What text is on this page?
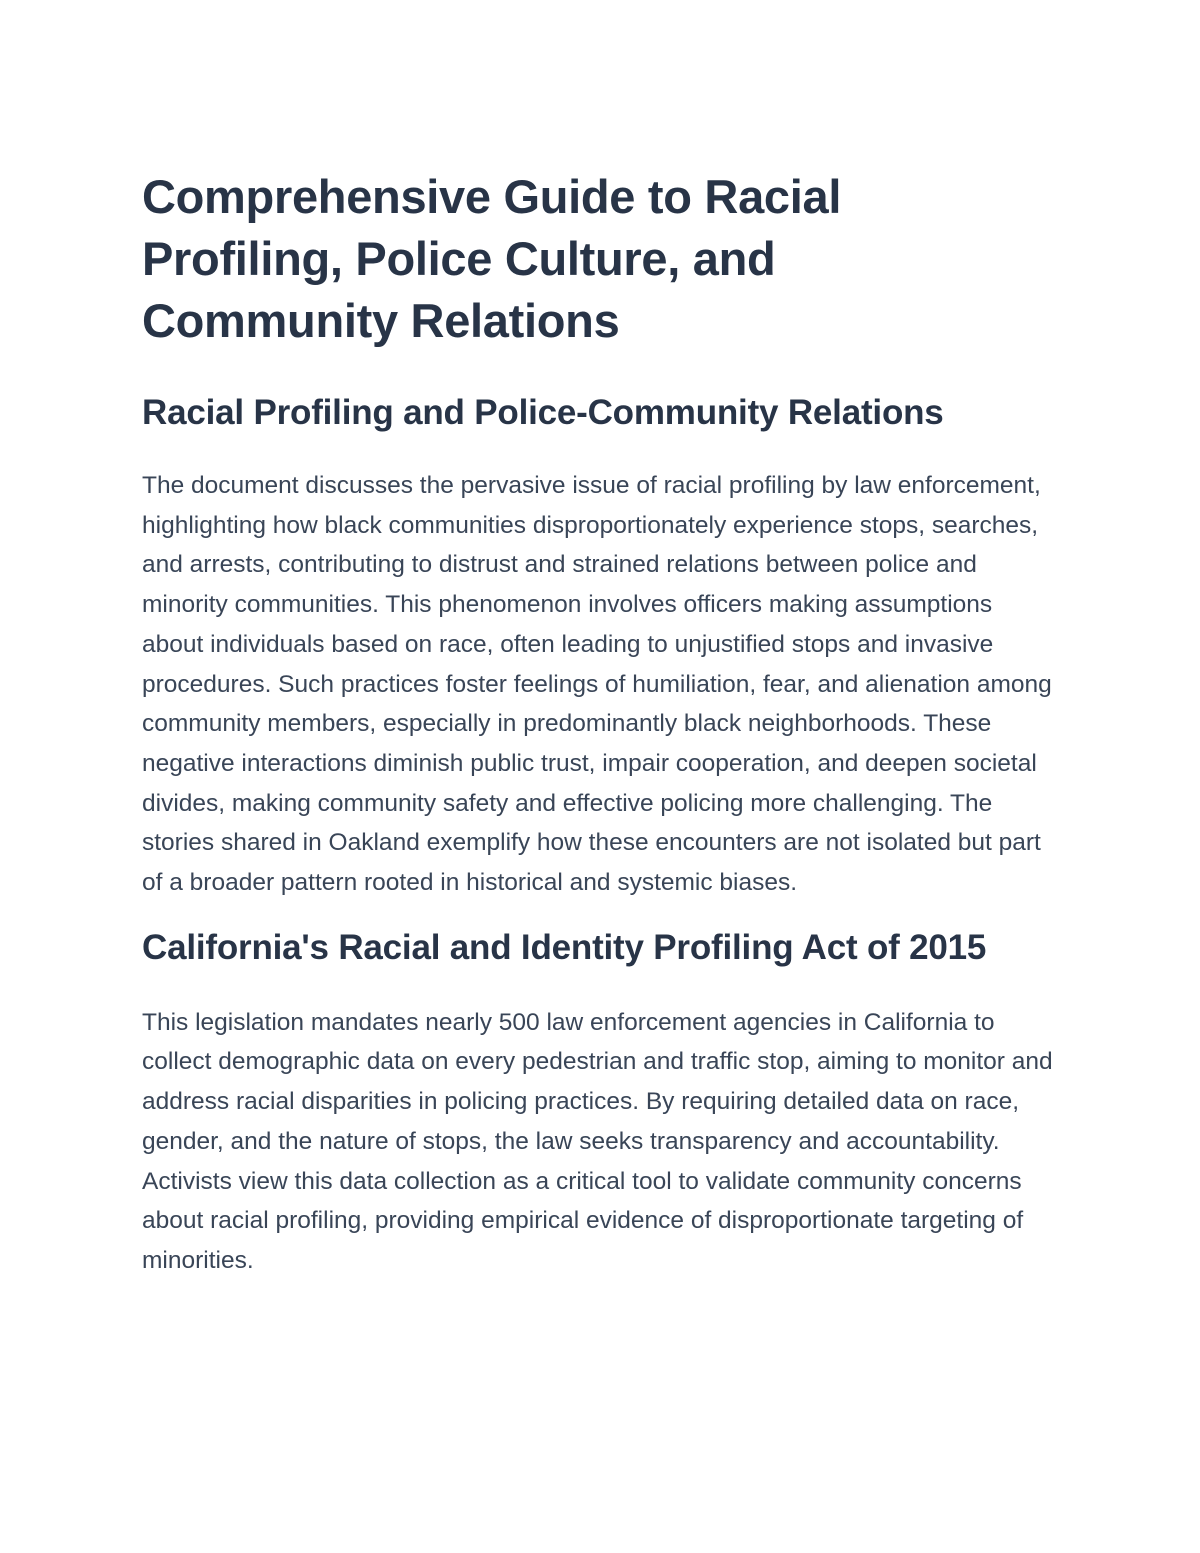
Comprehensive Guide to Racial Profiling, Police Culture, and Community Relations
Racial Profiling and Police-Community Relations

The document discusses the pervasive issue of racial profiling by law enforcement, highlighting how black communities disproportionately experience stops, searches, and arrests, contributing to distrust and strained relations between police and minority communities. This phenomenon involves officers making assumptions about individuals based on race, often leading to unjustified stops and invasive procedures. Such practices foster feelings of humiliation, fear, and alienation among community members, especially in predominantly black neighborhoods. These negative interactions diminish public trust, impair cooperation, and deepen societal divides, making community safety and effective policing more challenging. The stories shared in Oakland exemplify how these encounters are not isolated but part of a broader pattern rooted in historical and systemic biases.

California's Racial and Identity Profiling Act of 2015

This legislation mandates nearly 500 law enforcement agencies in California to collect demographic data on every pedestrian and traffic stop, aiming to monitor and address racial disparities in policing practices. By requiring detailed data on race, gender, and the nature of stops, the law seeks transparency and accountability. Activists view this data collection as a critical tool to validate community concerns about racial profiling, providing empirical evidence of disproportionate targeting of minorities.
